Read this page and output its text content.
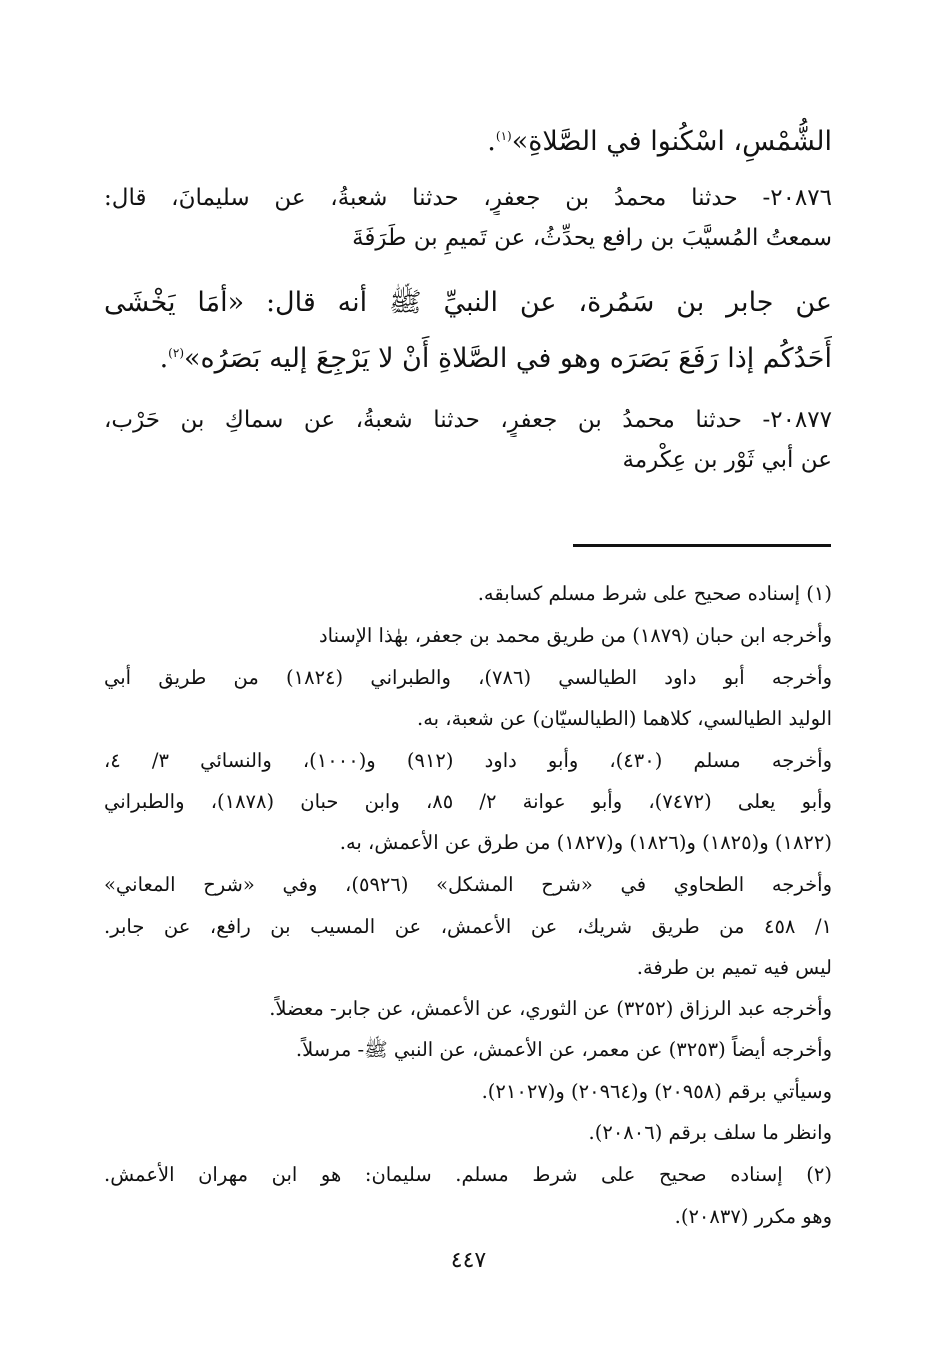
الشُّمْسِ، اسْكُنوا في الصَّلاةِ»$^{(١)}$.
٢٠٨٧٦- حدثنا محمدُ بن جعفرٍ، حدثنا شعبةُ، عن سليمانَ، قال:
سمعتُ المُسيَّبَ بن رافع يحدِّثُ، عن تَميمِ بن طَرَفَةَ
عن جابر بن سَمُرة، عن النبيِّ ﷺ أنه قال: «أَمَا يَخْشَى
أَحَدُكُم إذا رَفَعَ بَصَرَه وهو في الصَّلاةِ أَنْ لا يَرْجِعَ إليه بَصَرُه»$^{(٢)}$.
٢٠٨٧٧- حدثنا محمدُ بن جعفرٍ، حدثنا شعبةُ، عن سماكِ بن حَرْب،
عن أبي ثَوْر بن عِكْرمة
(١) إسناده صحيح على شرط مسلم كسابقه.
وأخرجه ابن حبان (١٨٧٩) من طريق محمد بن جعفر، بهٰذا الإسناد
وأخرجه أبو داود الطيالسي (٧٨٦)، والطبراني (١٨٢٤) من طريق أبي
الوليد الطيالسي، كلاهما (الطيالسيّان) عن شعبة، به.
وأخرجه مسلم (٤٣٠)، وأبو داود (٩١٢) و(١٠٠٠)، والنسائي ٣/ ٤،
وأبو يعلى (٧٤٧٢)، وأبو عوانة ٢/ ٨٥، وابن حبان (١٨٧٨)، والطبراني
(١٨٢٢) و(١٨٢٥) و(١٨٢٦) و(١٨٢٧) من طرق عن الأعمش، به.
وأخرجه الطحاوي في «شرح المشكل» (٥٩٢٦)، وفي «شرح المعاني»
١/ ٤٥٨ من طريق شريك، عن الأعمش، عن المسيب بن رافع، عن جابر.
ليس فيه تميم بن طرفة.
وأخرجه عبد الرزاق (٣٢٥٢) عن الثوري، عن الأعمش، عن جابر- معضلاً.
وأخرجه أيضاً (٣٢٥٣) عن معمر، عن الأعمش، عن النبي ﷺ- مرسلاً.
وسيأتي برقم (٢٠٩٥٨) و(٢٠٩٦٤) و(٢١٠٢٧).
وانظر ما سلف برقم (٢٠٨٠٦).
(٢) إسناده صحيح على شرط مسلم. سليمان: هو ابن مهران الأعمش.
وهو مكرر (٢٠٨٣٧).
٤٤٧
